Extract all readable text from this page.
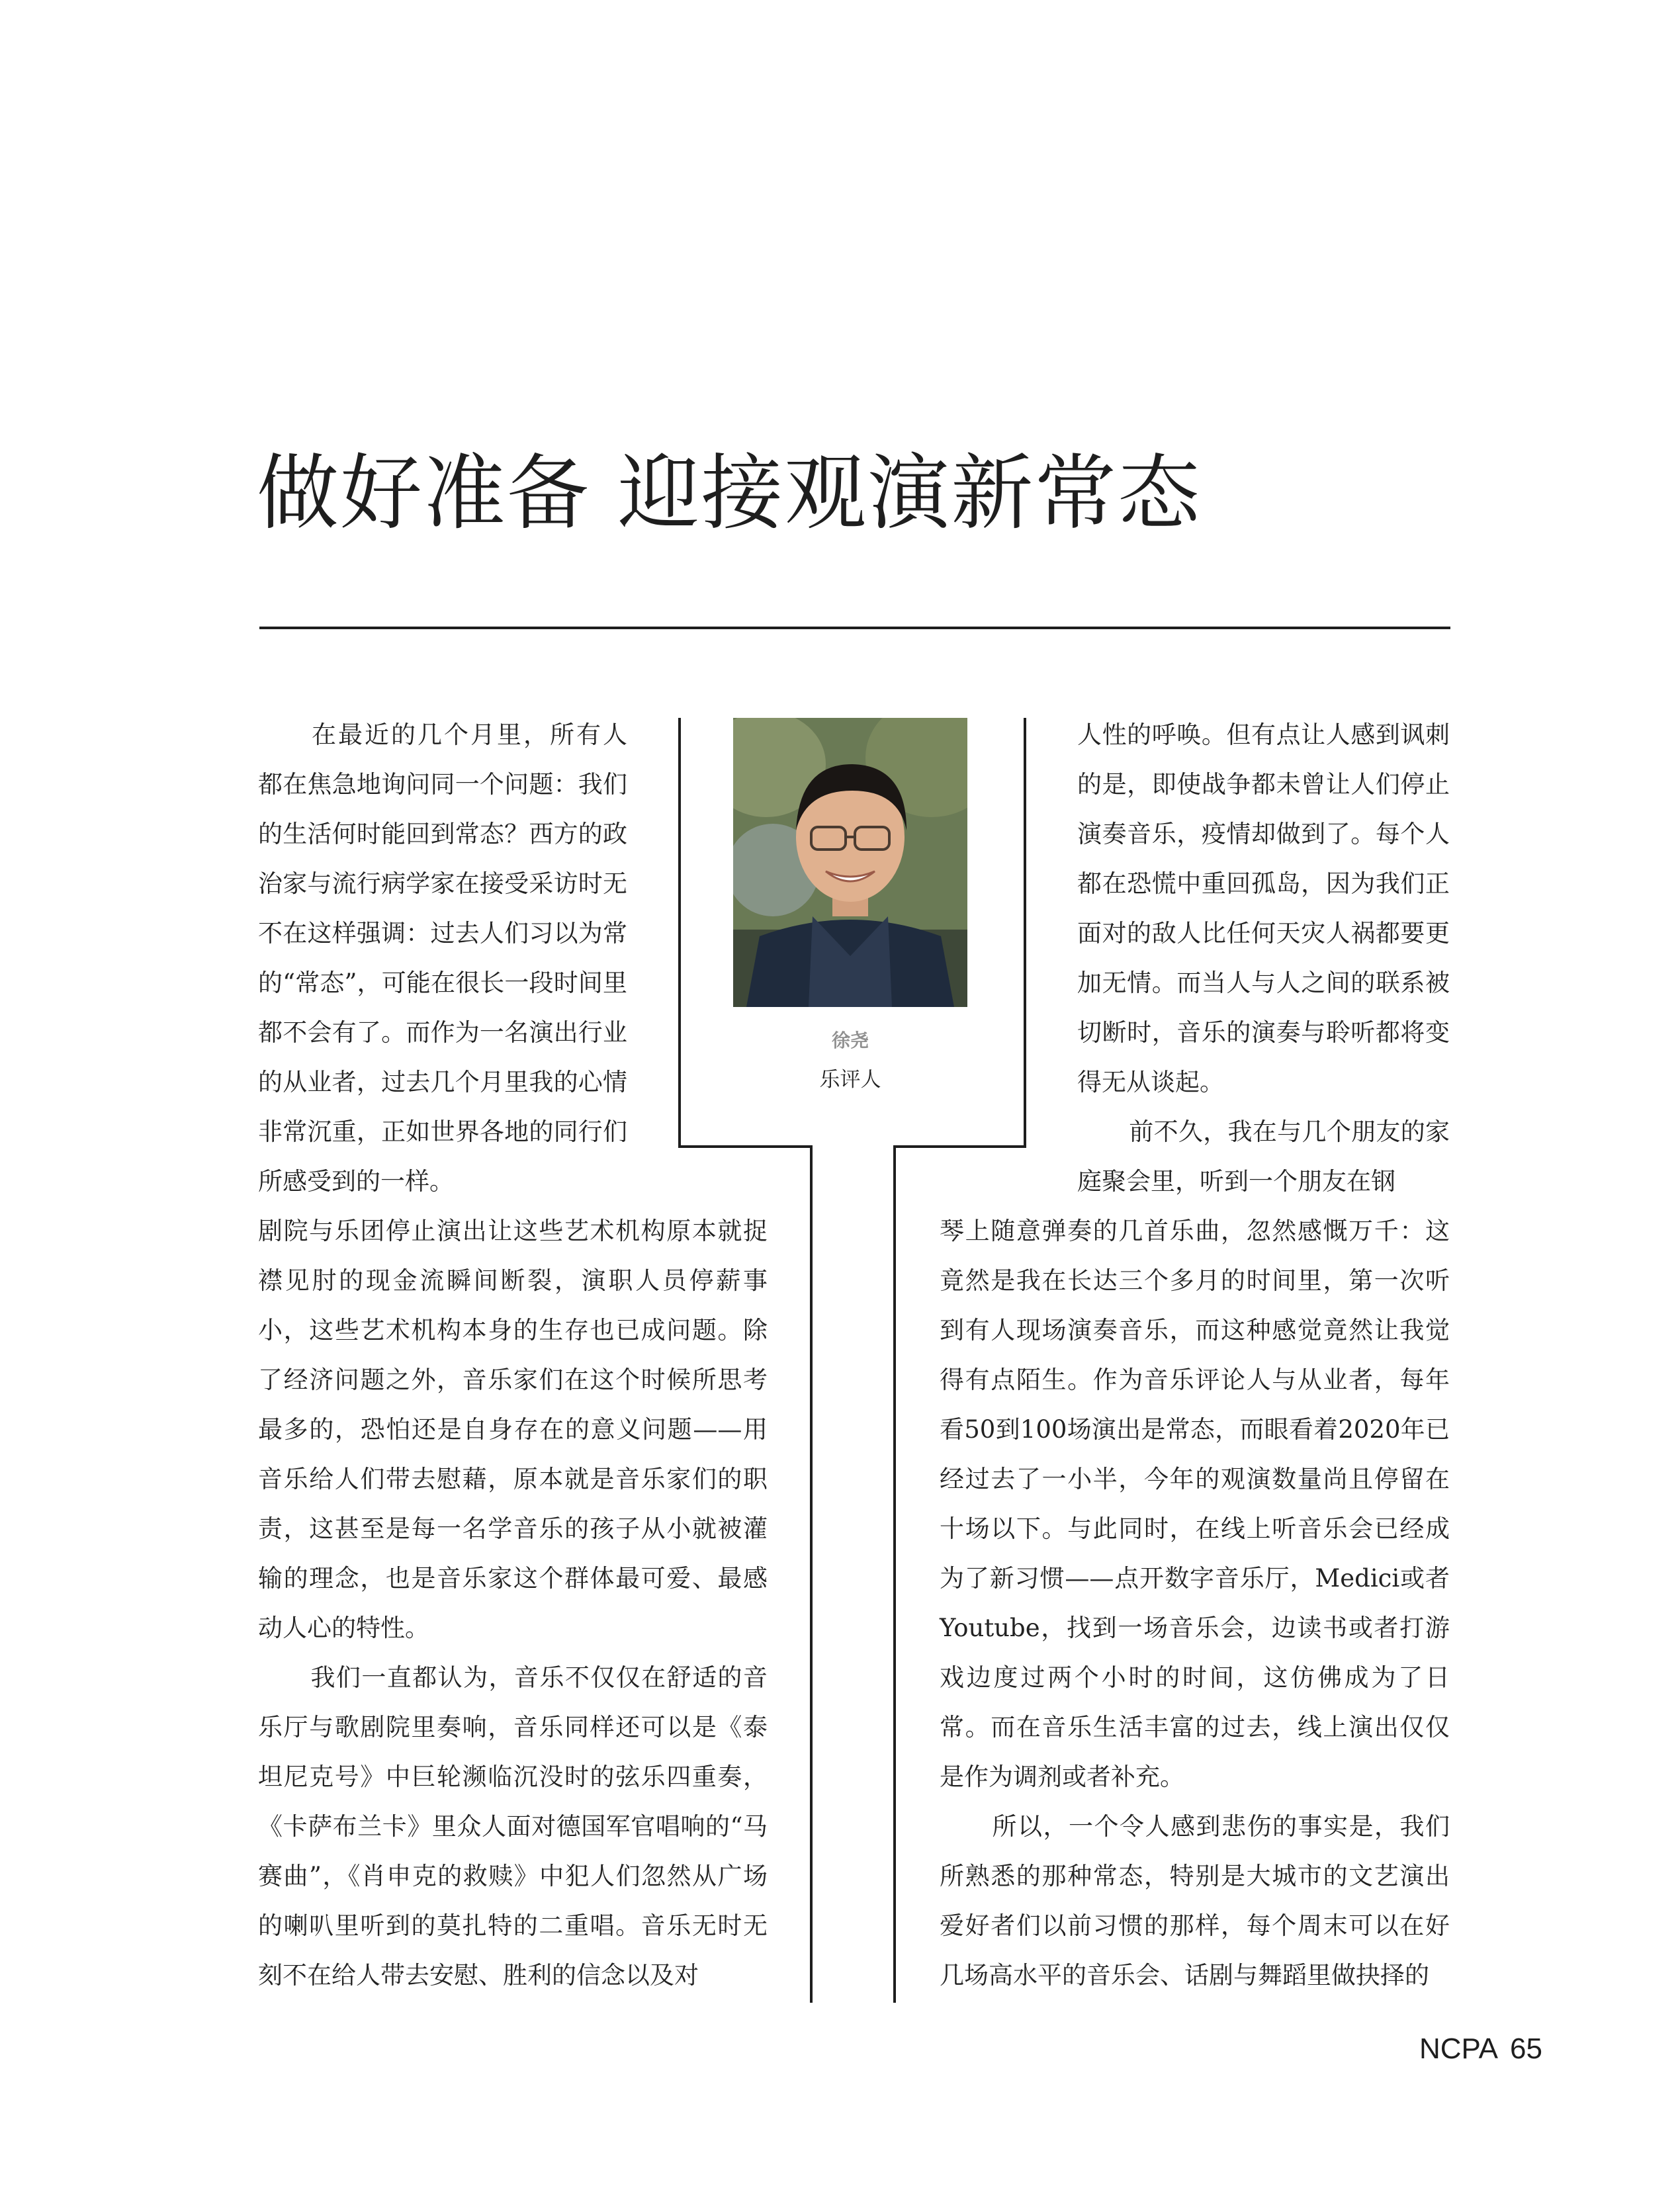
做好准备 迎接观演新常态

在最近的几个月里，所有人都在焦急地询问同一个问题：我们的生活何时能回到常态？西方的政治家与流行病学家在接受采访时无不在这样强调：过去人们习以为常的“常态”，可能在很长一段时间里都不会有了。而作为一名演出行业的从业者，过去几个月里我的心情非常沉重，正如世界各地的同行们所感受到的一样。

剧院与乐团停止演出让这些艺术机构原本就捉襟见肘的现金流瞬间断裂，演职人员停薪事小，这些艺术机构本身的生存也已成问题。除了经济问题之外，音乐家们在这个时候所思考最多的，恐怕还是自身存在的意义问题——用音乐给人们带去慰藉，原本就是音乐家们的职责，这甚至是每一名学音乐的孩子从小就被灌输的理念，也是音乐家这个群体最可爱、最感动人心的特性。

我们一直都认为，音乐不仅仅在舒适的音乐厅与歌剧院里奏响，音乐同样还可以是《泰坦尼克号》中巨轮濒临沉没时的弦乐四重奏，《卡萨布兰卡》里众人面对德国军官唱响的“马赛曲”，《肖申克的救赎》中犯人们忽然从广场的喇叭里听到的莫扎特的二重唱。音乐无时无刻不在给人带去安慰、胜利的信念以及对

人性的呼唤。但有点让人感到讽刺的是，即使战争都未曾让人们停止演奏音乐，疫情却做到了。每个人都在恐慌中重回孤岛，因为我们正面对的敌人比任何天灾人祸都要更加无情。而当人与人之间的联系被切断时，音乐的演奏与聆听都将变得无从谈起。

前不久，我在与几个朋友的家庭聚会里，听到一个朋友在钢

琴上随意弹奏的几首乐曲，忽然感慨万千：这竟然是我在长达三个多月的时间里，第一次听到有人现场演奏音乐，而这种感觉竟然让我觉得有点陌生。作为音乐评论人与从业者，每年看50到100场演出是常态，而眼看着2020年已经过去了一小半，今年的观演数量尚且停留在十场以下。与此同时，在线上听音乐会已经成为了新习惯——点开数字音乐厅，Medici或者Youtube，找到一场音乐会，边读书或者打游戏边度过两个小时的时间，这仿佛成为了日常。而在音乐生活丰富的过去，线上演出仅仅是作为调剂或者补充。

所以，一个令人感到悲伤的事实是，我们所熟悉的那种常态，特别是大城市的文艺演出爱好者们以前习惯的那样，每个周末可以在好几场高水平的音乐会、话剧与舞蹈里做抉择的

徐尧
乐评人
NCPA 65
